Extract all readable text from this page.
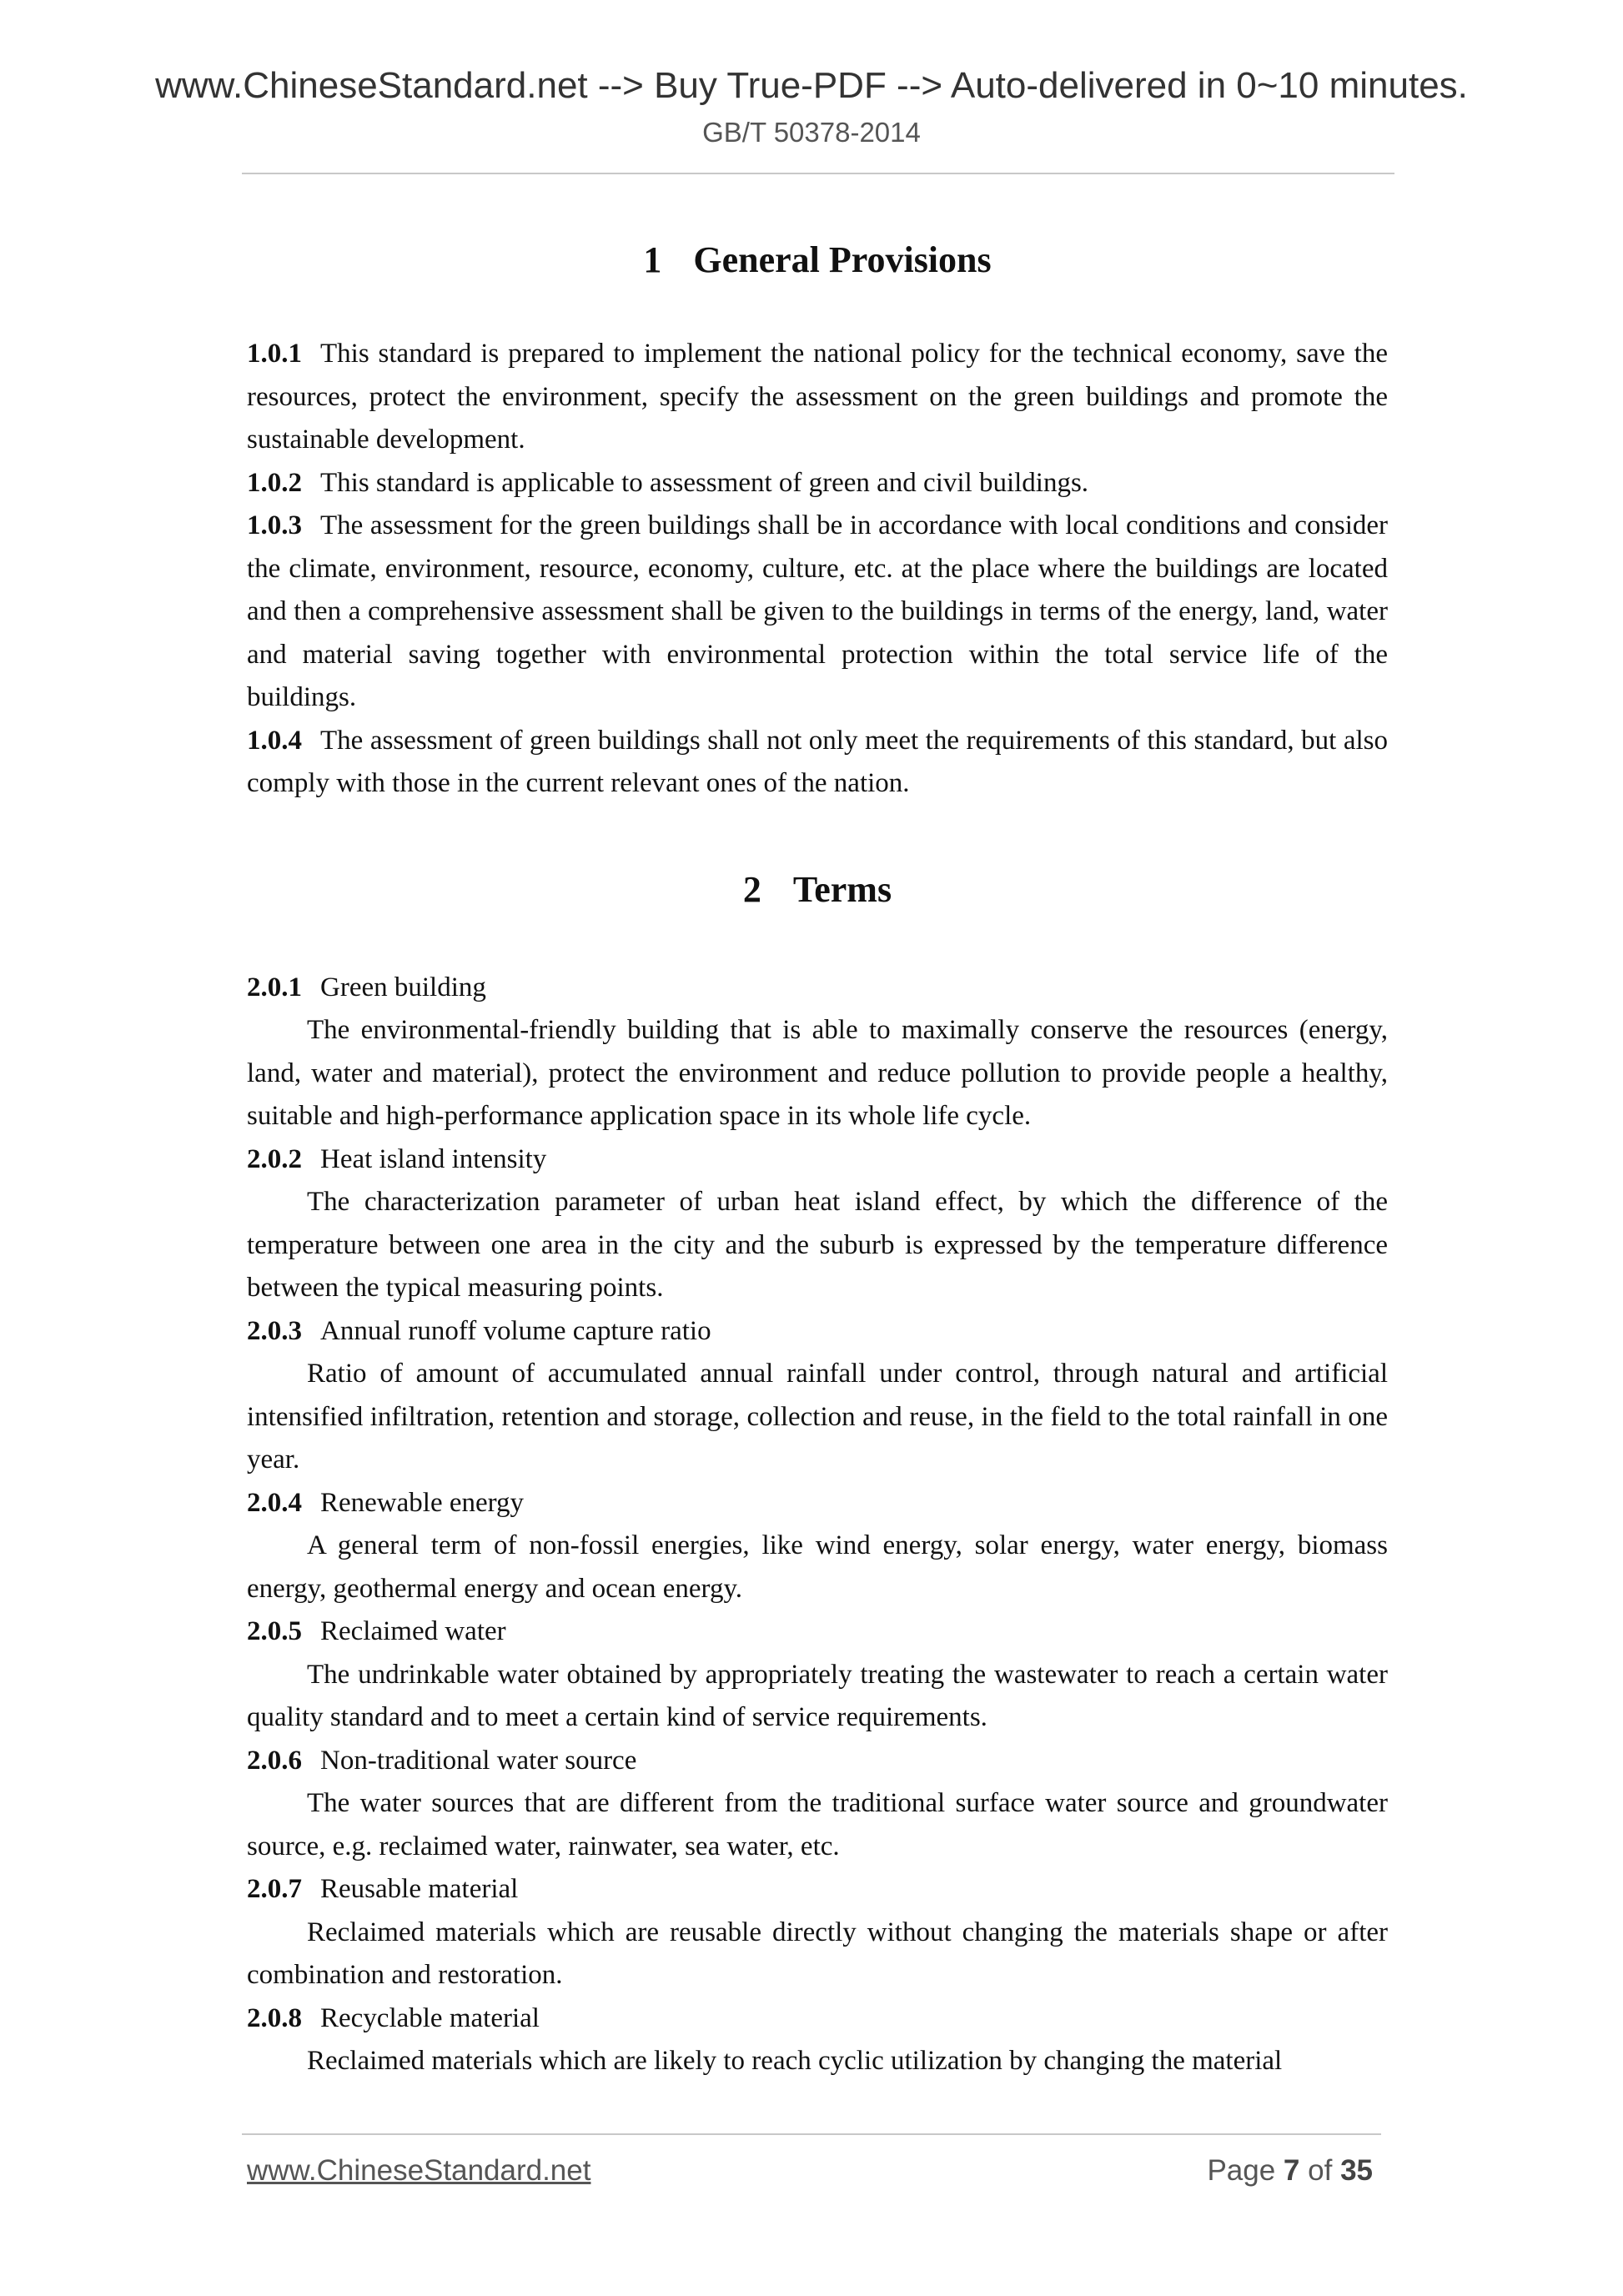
www.ChineseStandard.net --> Buy True-PDF --> Auto-delivered in 0~10 minutes.
GB/T 50378-2014
1 General Provisions

1.0.1 This standard is prepared to implement the national policy for the technical economy, save the resources, protect the environment, specify the assessment on the green buildings and promote the sustainable development.

1.0.2 This standard is applicable to assessment of green and civil buildings.

1.0.3 The assessment for the green buildings shall be in accordance with local conditions and consider the climate, environment, resource, economy, culture, etc. at the place where the buildings are located and then a comprehensive assessment shall be given to the buildings in terms of the energy, land, water and material saving together with environmental protection within the total service life of the buildings.

1.0.4 The assessment of green buildings shall not only meet the requirements of this standard, but also comply with those in the current relevant ones of the nation.

2 Terms

2.0.1 Green building

The environmental-friendly building that is able to maximally conserve the resources (energy, land, water and material), protect the environment and reduce pollution to provide people a healthy, suitable and high-performance application space in its whole life cycle.

2.0.2 Heat island intensity

The characterization parameter of urban heat island effect, by which the difference of the temperature between one area in the city and the suburb is expressed by the temperature difference between the typical measuring points.

2.0.3 Annual runoff volume capture ratio

Ratio of amount of accumulated annual rainfall under control, through natural and artificial intensified infiltration, retention and storage, collection and reuse, in the field to the total rainfall in one year.

2.0.4 Renewable energy

A general term of non-fossil energies, like wind energy, solar energy, water energy, biomass energy, geothermal energy and ocean energy.

2.0.5 Reclaimed water

The undrinkable water obtained by appropriately treating the wastewater to reach a certain water quality standard and to meet a certain kind of service requirements.

2.0.6 Non-traditional water source

The water sources that are different from the traditional surface water source and groundwater source, e.g. reclaimed water, rainwater, sea water, etc.

2.0.7 Reusable material

Reclaimed materials which are reusable directly without changing the materials shape or after combination and restoration.

2.0.8 Recyclable material

Reclaimed materials which are likely to reach cyclic utilization by changing the material

www.ChineseStandard.net	Page 7 of 35
